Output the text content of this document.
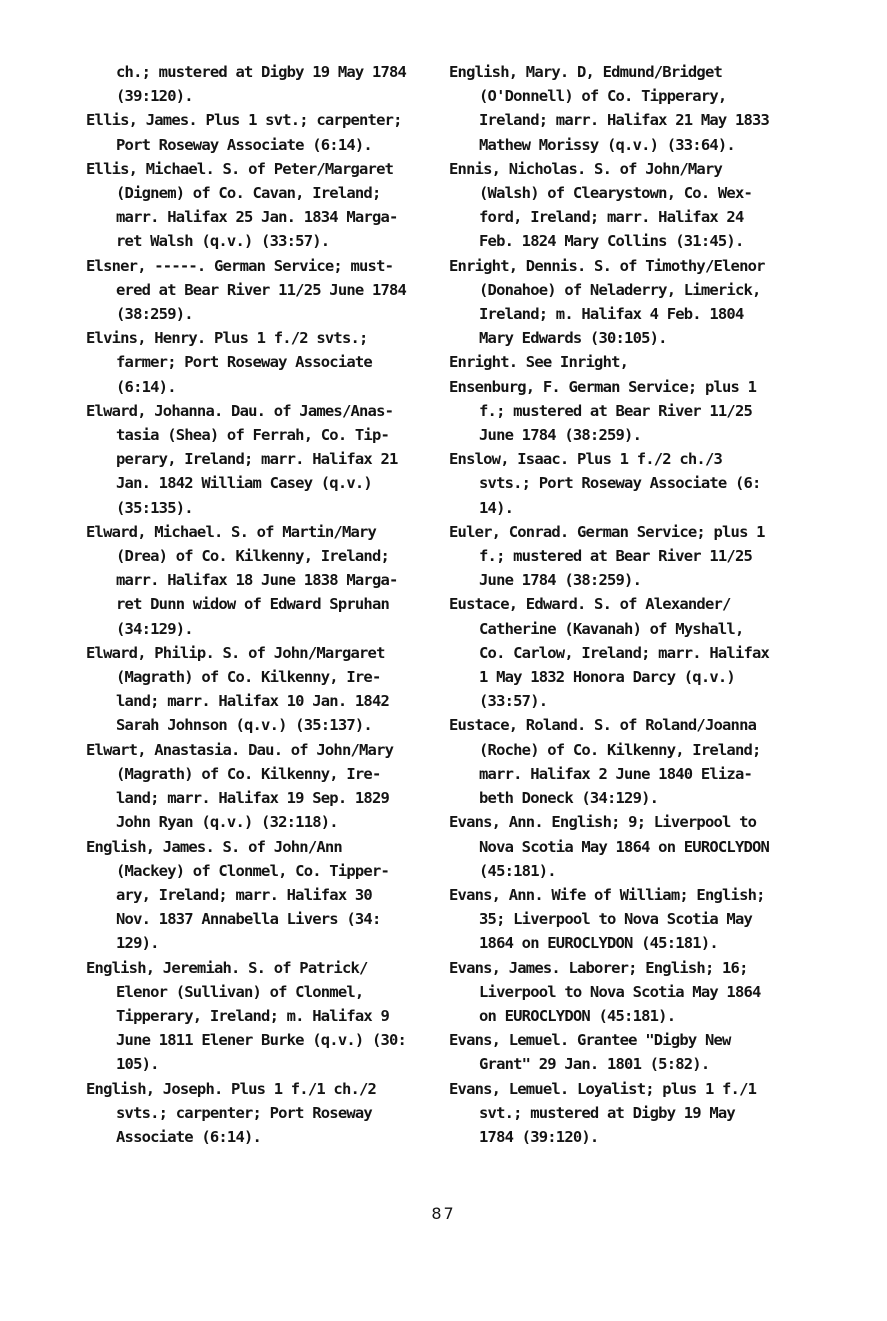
ch.; mustered at Digby 19 May 1784
(39:120).
Ellis, James. Plus 1 svt.; carpenter;
Port Roseway Associate (6:14).
Ellis, Michael. S. of Peter/Margaret
(Dignem) of Co. Cavan, Ireland;
marr. Halifax 25 Jan. 1834 Marga-
ret Walsh (q.v.) (33:57).
Elsner, -----. German Service; must-
ered at Bear River 11/25 June 1784
(38:259).
Elvins, Henry. Plus 1 f./2 svts.;
farmer; Port Roseway Associate
(6:14).
Elward, Johanna. Dau. of James/Anas-
tasia (Shea) of Ferrah, Co. Tip-
perary, Ireland; marr. Halifax 21
Jan. 1842 William Casey (q.v.)
(35:135).
Elward, Michael. S. of Martin/Mary
(Drea) of Co. Kilkenny, Ireland;
marr. Halifax 18 June 1838 Marga-
ret Dunn widow of Edward Spruhan
(34:129).
Elward, Philip. S. of John/Margaret
(Magrath) of Co. Kilkenny, Ire-
land; marr. Halifax 10 Jan. 1842
Sarah Johnson (q.v.) (35:137).
Elwart, Anastasia. Dau. of John/Mary
(Magrath) of Co. Kilkenny, Ire-
land; marr. Halifax 19 Sep. 1829
John Ryan (q.v.) (32:118).
English, James. S. of John/Ann
(Mackey) of Clonmel, Co. Tipper-
ary, Ireland; marr. Halifax 30
Nov. 1837 Annabella Livers (34:
129).
English, Jeremiah. S. of Patrick/
Elenor (Sullivan) of Clonmel,
Tipperary, Ireland; m. Halifax 9
June 1811 Elener Burke (q.v.) (30:
105).
English, Joseph. Plus 1 f./1 ch./2
svts.; carpenter; Port Roseway
Associate (6:14).
English, Mary. D, Edmund/Bridget
(O'Donnell) of Co. Tipperary,
Ireland; marr. Halifax 21 May 1833
Mathew Morissy (q.v.) (33:64).
Ennis, Nicholas. S. of John/Mary
(Walsh) of Clearystown, Co. Wex-
ford, Ireland; marr. Halifax 24
Feb. 1824 Mary Collins (31:45).
Enright, Dennis. S. of Timothy/Elenor
(Donahoe) of Neladerry, Limerick,
Ireland; m. Halifax 4 Feb. 1804
Mary Edwards (30:105).
Enright. See Inright,
Ensenburg, F. German Service; plus 1
f.; mustered at Bear River 11/25
June 1784 (38:259).
Enslow, Isaac. Plus 1 f./2 ch./3
svts.; Port Roseway Associate (6:
14).
Euler, Conrad. German Service; plus 1
f.; mustered at Bear River 11/25
June 1784 (38:259).
Eustace, Edward. S. of Alexander/
Catherine (Kavanah) of Myshall,
Co. Carlow, Ireland; marr. Halifax
1 May 1832 Honora Darcy (q.v.)
(33:57).
Eustace, Roland. S. of Roland/Joanna
(Roche) of Co. Kilkenny, Ireland;
marr. Halifax 2 June 1840 Eliza-
beth Doneck (34:129).
Evans, Ann. English; 9; Liverpool to
Nova Scotia May 1864 on EUROCLYDON
(45:181).
Evans, Ann. Wife of William; English;
35; Liverpool to Nova Scotia May
1864 on EUROCLYDON (45:181).
Evans, James. Laborer; English; 16;
Liverpool to Nova Scotia May 1864
on EUROCLYDON (45:181).
Evans, Lemuel. Grantee "Digby New
Grant" 29 Jan. 1801 (5:82).
Evans, Lemuel. Loyalist; plus 1 f./1
svt.; mustered at Digby 19 May
1784 (39:120).
87
